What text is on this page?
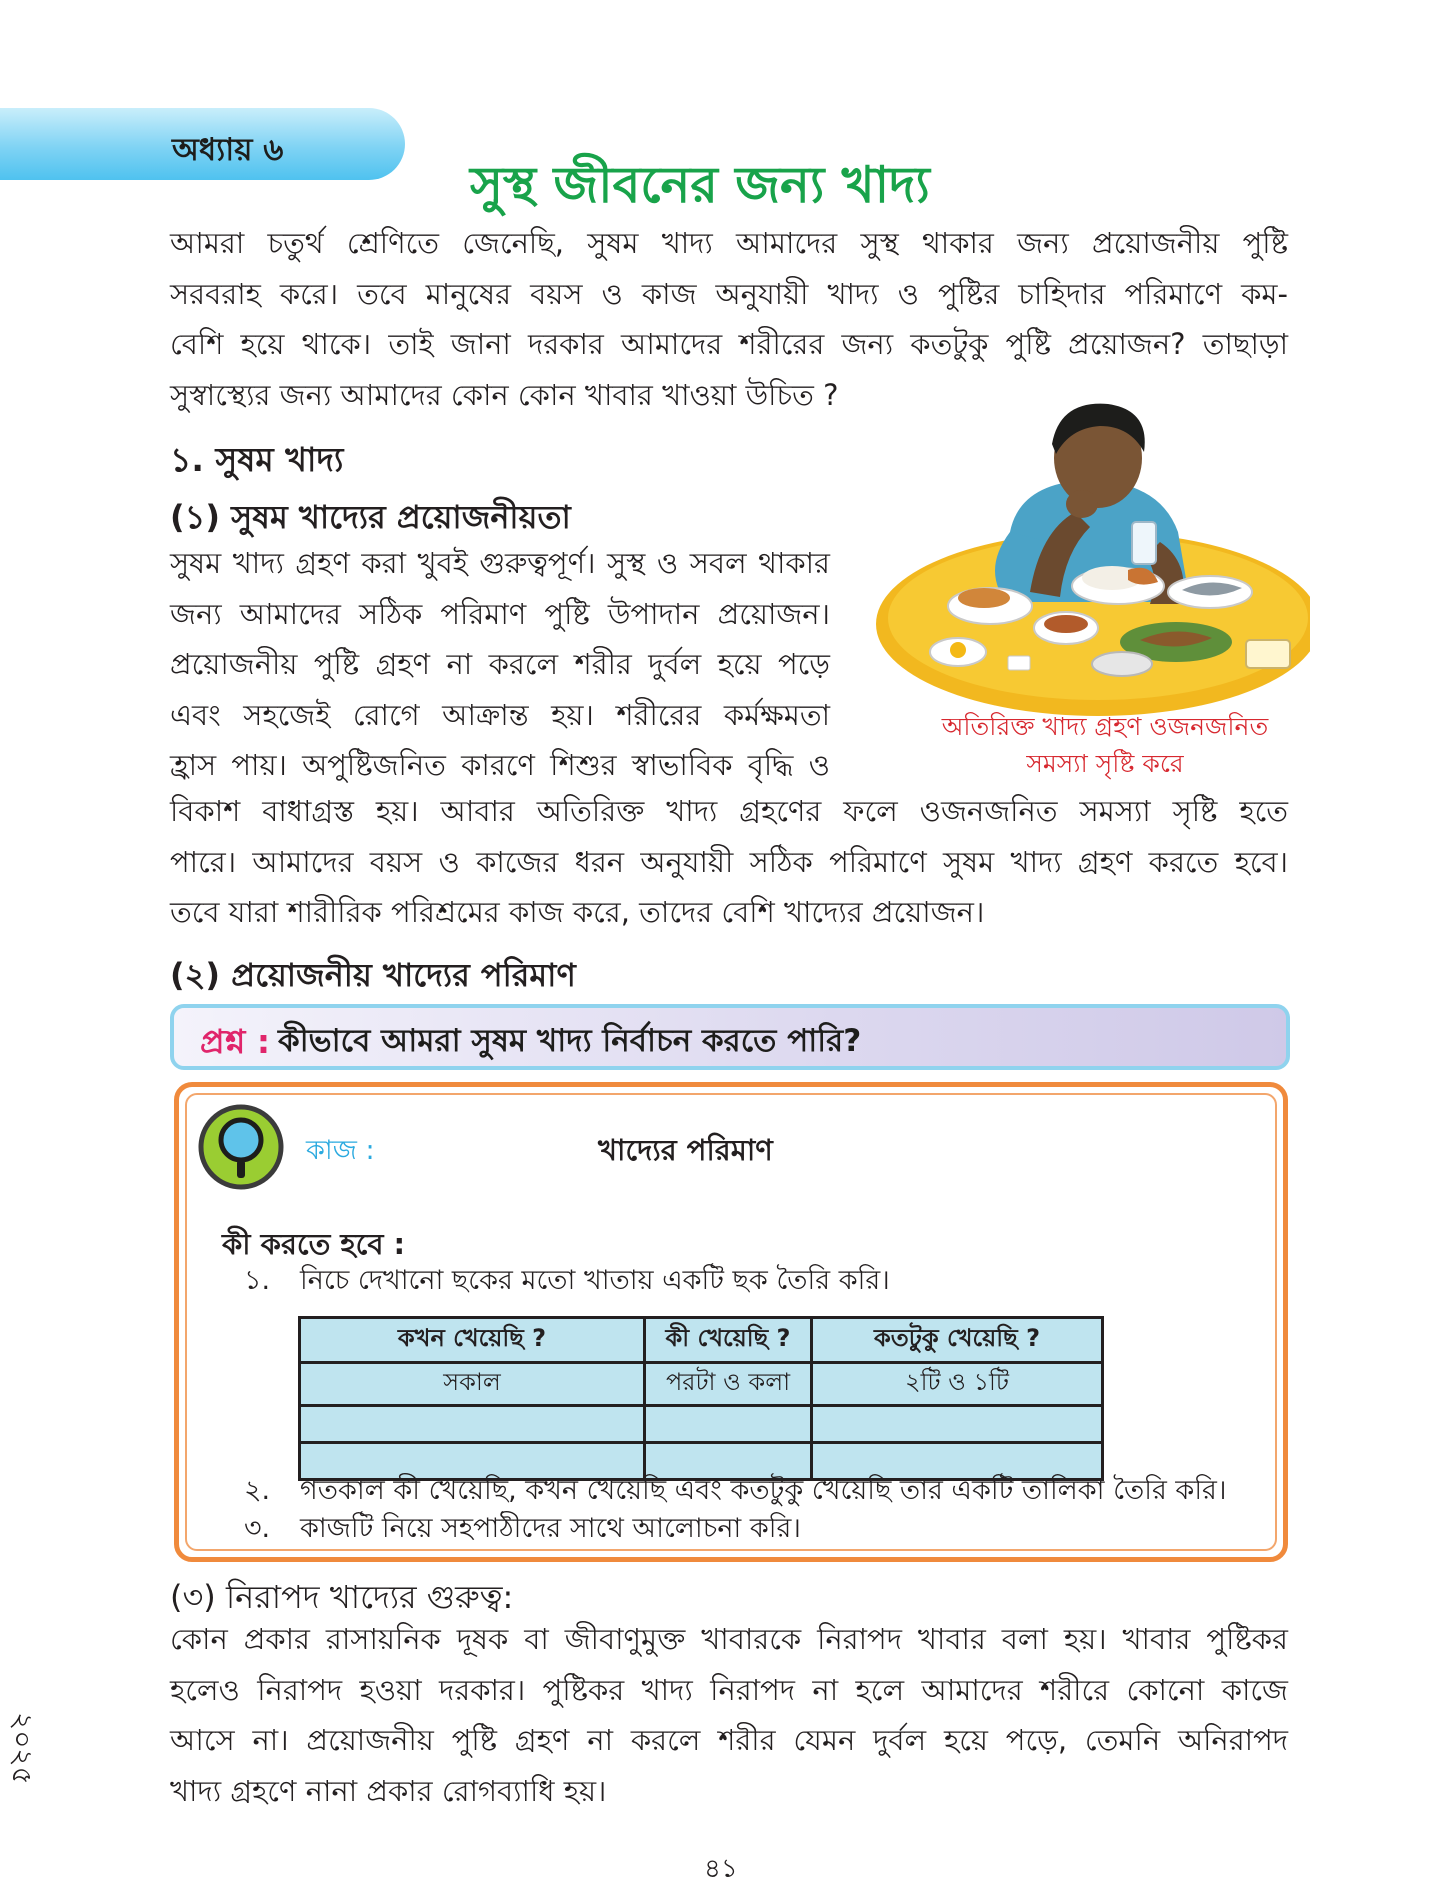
অধ্যায় ৬
সুস্থ জীবনের জন্য খাদ্য
আমরা চতুর্থ শ্রেণিতে জেনেছি, সুষম খাদ্য আমাদের সুস্থ থাকার জন্য প্রয়োজনীয় পুষ্টি
সরবরাহ করে। তবে মানুষের বয়স ও কাজ অনুযায়ী খাদ্য ও পুষ্টির চাহিদার পরিমাণে কম-
বেশি হয়ে থাকে। তাই জানা দরকার আমাদের শরীরের জন্য কতটুকু পুষ্টি প্রয়োজন? তাছাড়া
সুস্বাস্থ্যের জন্য আমাদের কোন কোন খাবার খাওয়া উচিত ?
১. সুষম খাদ্য
(১) সুষম খাদ্যের প্রয়োজনীয়তা
সুষম খাদ্য গ্রহণ করা খুবই গুরুত্বপূর্ণ। সুস্থ ও সবল থাকার
জন্য আমাদের সঠিক পরিমাণ পুষ্টি উপাদান প্রয়োজন।
প্রয়োজনীয় পুষ্টি গ্রহণ না করলে শরীর দুর্বল হয়ে পড়ে
এবং সহজেই রোগে আক্রান্ত হয়। শরীরের কর্মক্ষমতা
হ্রাস পায়। অপুষ্টিজনিত কারণে শিশুর স্বাভাবিক বৃদ্ধি ও
অতিরিক্ত খাদ্য গ্রহণ ওজনজনিত
সমস্যা সৃষ্টি করে
বিকাশ বাধাগ্রস্ত হয়। আবার অতিরিক্ত খাদ্য গ্রহণের ফলে ওজনজনিত সমস্যা সৃষ্টি হতে
পারে। আমাদের বয়স ও কাজের ধরন অনুযায়ী সঠিক পরিমাণে সুষম খাদ্য গ্রহণ করতে হবে।
তবে যারা শারীরিক পরিশ্রমের কাজ করে, তাদের বেশি খাদ্যের প্রয়োজন।
(২) প্রয়োজনীয় খাদ্যের পরিমাণ
প্রশ্ন : কীভাবে আমরা সুষম খাদ্য নির্বাচন করতে পারি?
কাজ :	খাদ্যের পরিমাণ
কী করতে হবে :
১. নিচে দেখানো ছকের মতো খাতায় একটি ছক তৈরি করি।
কখন খেয়েছি ?	কী খেয়েছি ?	কতটুকু খেয়েছি ?
সকাল	পরটা ও কলা	২টি ও ১টি

২. গতকাল কী খেয়েছি, কখন খেয়েছি এবং কতটুকু খেয়েছি তার একটি তালিকা তৈরি করি।
৩. কাজটি নিয়ে সহপাঠীদের সাথে আলোচনা করি।
(৩) নিরাপদ খাদ্যের গুরুত্ব:
কোন প্রকার রাসায়নিক দূষক বা জীবাণুমুক্ত খাবারকে নিরাপদ খাবার বলা হয়। খাবার পুষ্টিকর
হলেও নিরাপদ হওয়া দরকার। পুষ্টিকর খাদ্য নিরাপদ না হলে আমাদের শরীরে কোনো কাজে
আসে না। প্রয়োজনীয় পুষ্টি গ্রহণ না করলে শরীর যেমন দুর্বল হয়ে পড়ে, তেমনি অনিরাপদ
খাদ্য গ্রহণে নানা প্রকার রোগব্যাধি হয়।
২০২৫
৪১
